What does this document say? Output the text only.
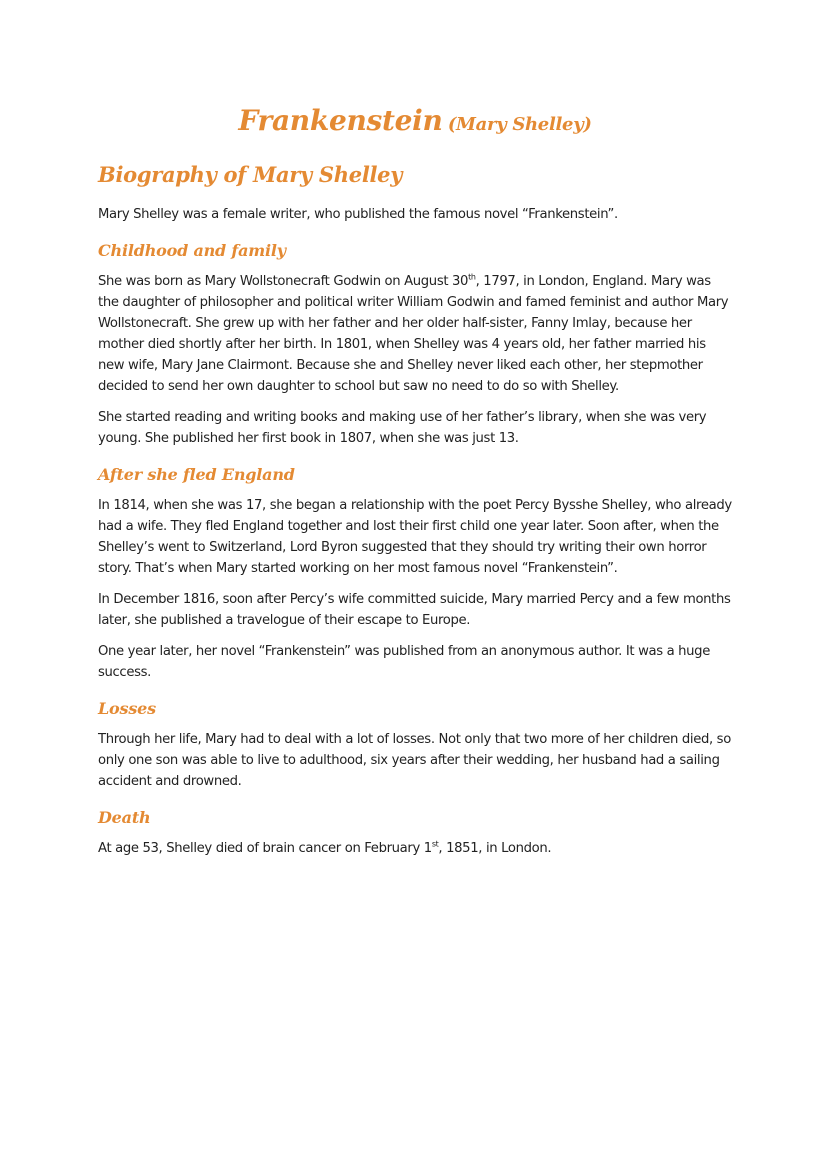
Frankenstein (Mary Shelley)
Biography of Mary Shelley

Mary Shelley was a female writer, who published the famous novel “Frankenstein”.

Childhood and family

She was born as Mary Wollstonecraft Godwin on August 30th, 1797, in London, England. Mary was the daughter of philosopher and political writer William Godwin and famed feminist and author Mary Wollstonecraft. She grew up with her father and her older half-sister, Fanny Imlay, because her mother died shortly after her birth. In 1801, when Shelley was 4 years old, her father married his new wife, Mary Jane Clairmont. Because she and Shelley never liked each other, her stepmother decided to send her own daughter to school but saw no need to do so with Shelley.

She started reading and writing books and making use of her father’s library, when she was very young. She published her first book in 1807, when she was just 13.

After she fled England

In 1814, when she was 17, she began a relationship with the poet Percy Bysshe Shelley, who already had a wife. They fled England together and lost their first child one year later. Soon after, when the Shelley’s went to Switzerland, Lord Byron suggested that they should try writing their own horror story. That’s when Mary started working on her most famous novel “Frankenstein”.

In December 1816, soon after Percy’s wife committed suicide, Mary married Percy and a few months later, she published a travelogue of their escape to Europe.

One year later, her novel “Frankenstein” was published from an anonymous author. It was a huge success.

Losses

Through her life, Mary had to deal with a lot of losses. Not only that two more of her children died, so only one son was able to live to adulthood, six years after their wedding, her husband had a sailing accident and drowned.

Death

At age 53, Shelley died of brain cancer on February 1st, 1851, in London.
